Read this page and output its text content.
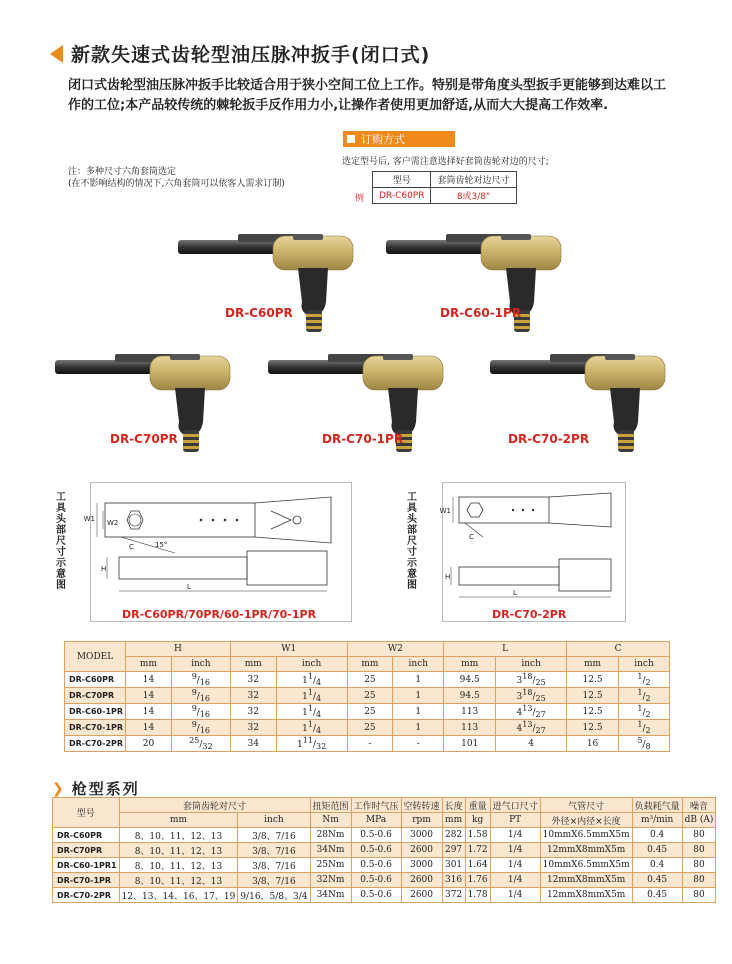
新款失速式齿轮型油压脉冲扳手(闭口式)
闭口式齿轮型油压脉冲扳手比较适合用于狭小空间工位上工作。特别是带角度头型扳手更能够到达难以工作的工位;本产品较传统的棘轮扳手反作用力小,让操作者使用更加舒适,从而大大提高工作效率.
订购方式
选定型号后, 客户需注意选择好套筒齿轮对边的尺寸;
例
型号	套筒齿轮对边尺寸
DR-C60PR	8或3/8"
注：多种尺寸六角套筒选定
(在不影响结构的情况下,六角套筒可以依客人需求订制)
DR-C60PR	DR-C60-1PR
DR-C70PR	DR-C70-1PR	DR-C70-2PR
工
具
头
部
尺
寸
示
意
图
W1 W2
C	15°
H
L
DR-C60PR/70PR/60-1PR/70-1PR
工
具
头
部
尺
寸
示
意
图
W1
C
H
L
DR-C70-2PR
MODEL	H		W1		W2		L		C	
	mm	inch	mm	inch	mm	inch	mm	inch	mm	inch
DR-C60PR	14	$^9/_{16}$	32	$1^1/_4$	25	1	94.5	$3^{18}/_{25}$	12.5	$^1/_2$
DR-C70PR	14	$^9/_{16}$	32	$1^1/_4$	25	1	94.5	$3^{18}/_{25}$	12.5	$^1/_2$
DR-C60-1PR	14	$^9/_{16}$	32	$1^1/_4$	25	1	113	$4^{13}/_{27}$	12.5	$^1/_2$
DR-C70-1PR	14	$^9/_{16}$	32	$1^1/_4$	25	1	113	$4^{13}/_{27}$	12.5	$^1/_2$
DR-C70-2PR	20	$^{25}/_{32}$	34	$1^{11}/_{32}$	-	-	101	4	16	$^5/_8$
❯ 枪型系列
型号	套筒齿轮对尺寸		扭矩范围	工作时气压	空转转速	长度	重量	进气口尺寸	气管尺寸	负载耗气量	噪音
	mm	inch	Nm	MPa	rpm	mm	kg	PT	外径×内径×长度	m³/min	dB (A)
DR-C60PR	8、10、11、12、13	3/8、7/16	28Nm	0.5-0.6	3000	282	1.58	1/4	10mmX6.5mmX5m	0.4	80
DR-C70PR	8、10、11、12、13	3/8、7/16	34Nm	0.5-0.6	2600	297	1.72	1/4	12mmX8mmX5m	0.45	80
DR-C60-1PR1	8、10、11、12、13	3/8、7/16	25Nm	0.5-0.6	3000	301	1.64	1/4	10mmX6.5mmX5m	0.4	80
DR-C70-1PR	8、10、11、12、13	3/8、7/16	32Nm	0.5-0.6	2600	316	1.76	1/4	12mmX8mmX5m	0.45	80
DR-C70-2PR	12、13、14、16、17、19	9/16、5/8、3/4	34Nm	0.5-0.6	2600	372	1.78	1/4	12mmX8mmX5m	0.45	80
